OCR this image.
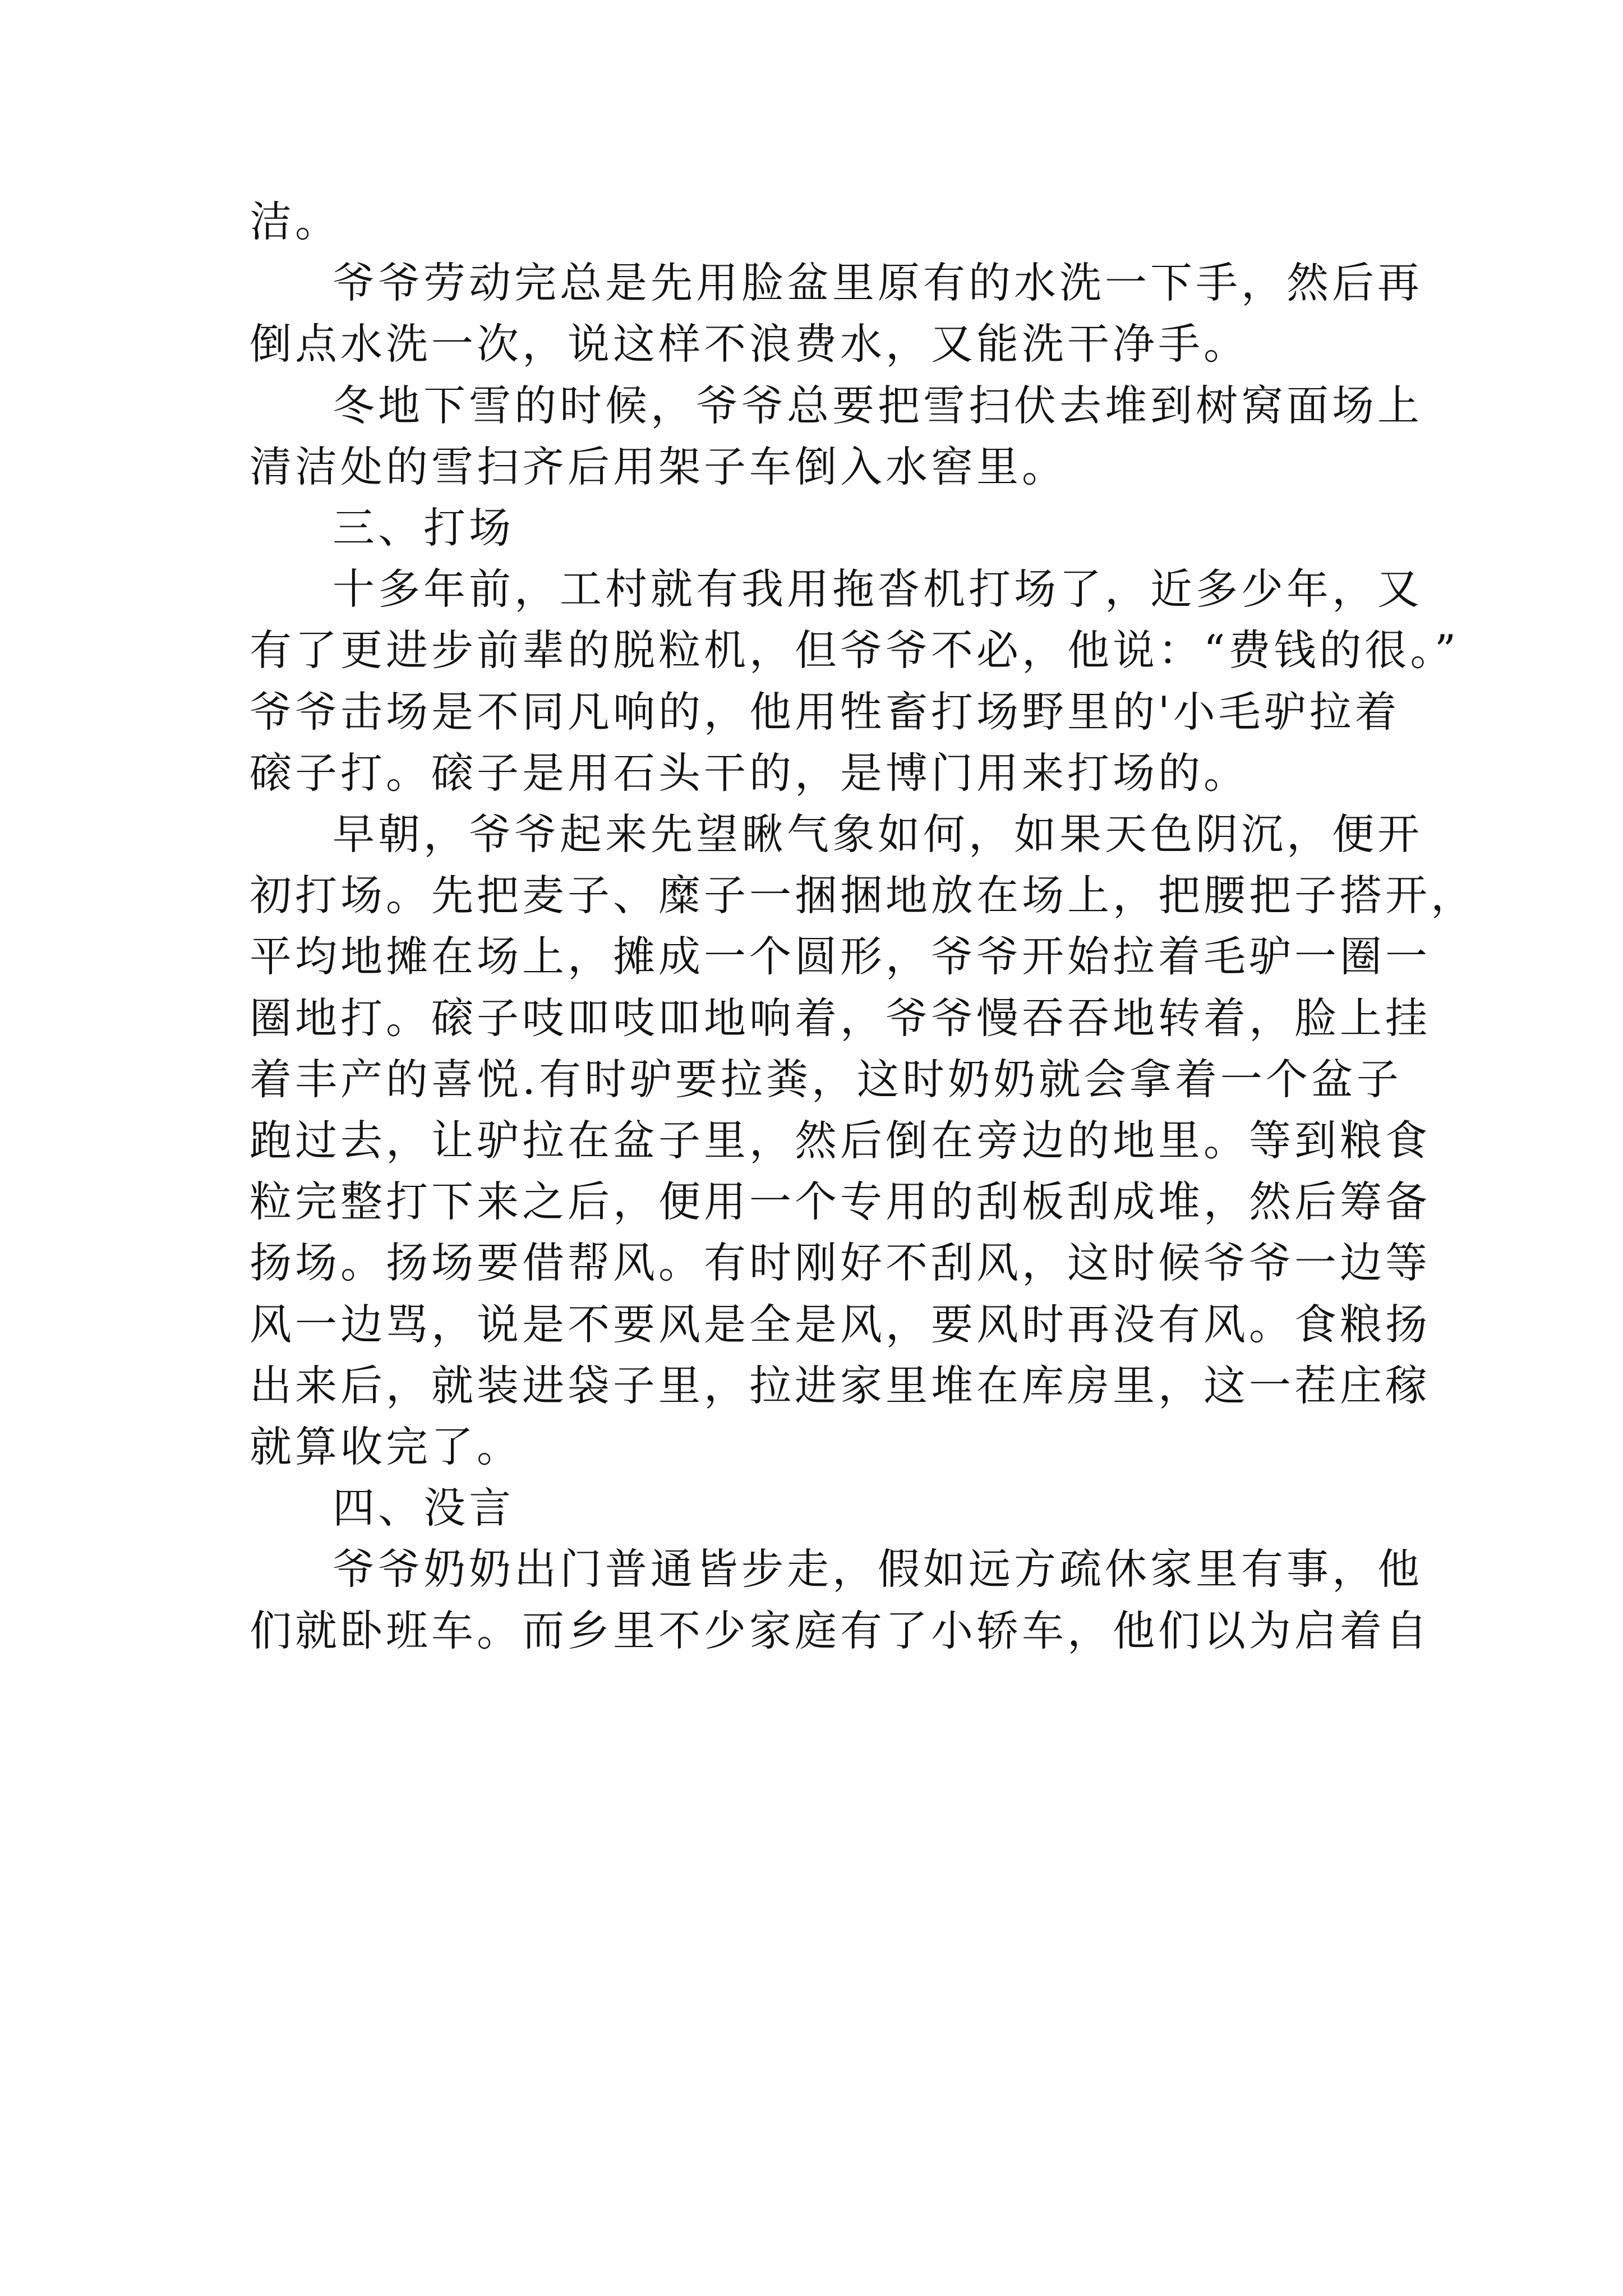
洁。
爷爷劳动完总是先用脸盆里原有的水洗一下手，然后再
倒点水洗一次，说这样不浪费水，又能洗干净手。
冬地下雪的时候，爷爷总要把雪扫伏去堆到树窝面场上
清洁处的雪扫齐后用架子车倒入水窖里。
三、打场
十多年前，工村就有我用拖沓机打场了，近多少年，又
有了更进步前辈的脱粒机，但爷爷不必，他说：“费钱的很。”
爷爷击场是不同凡响的，他用牲畜打场野里的'小毛驴拉着
磙子打。磙子是用石头干的，是博门用来打场的。
早朝，爷爷起来先望瞅气象如何，如果天色阴沉，便开
初打场。先把麦子、糜子一捆捆地放在场上，把腰把子搭开，
平均地摊在场上，摊成一个圆形，爷爷开始拉着毛驴一圈一
圈地打。磙子吱吅吱吅地响着，爷爷慢吞吞地转着，脸上挂
着丰产的喜悦.有时驴要拉粪，这时奶奶就会拿着一个盆子
跑过去，让驴拉在盆子里，然后倒在旁边的地里。等到粮食
粒完整打下来之后，便用一个专用的刮板刮成堆，然后筹备
扬场。扬场要借帮风。有时刚好不刮风，这时候爷爷一边等
风一边骂，说是不要风是全是风，要风时再没有风。食粮扬
出来后，就装进袋子里，拉进家里堆在库房里，这一茬庄稼
就算收完了。
四、没言
爷爷奶奶出门普通皆步走，假如远方疏休家里有事，他
们就卧班车。而乡里不少家庭有了小轿车，他们以为启着自
